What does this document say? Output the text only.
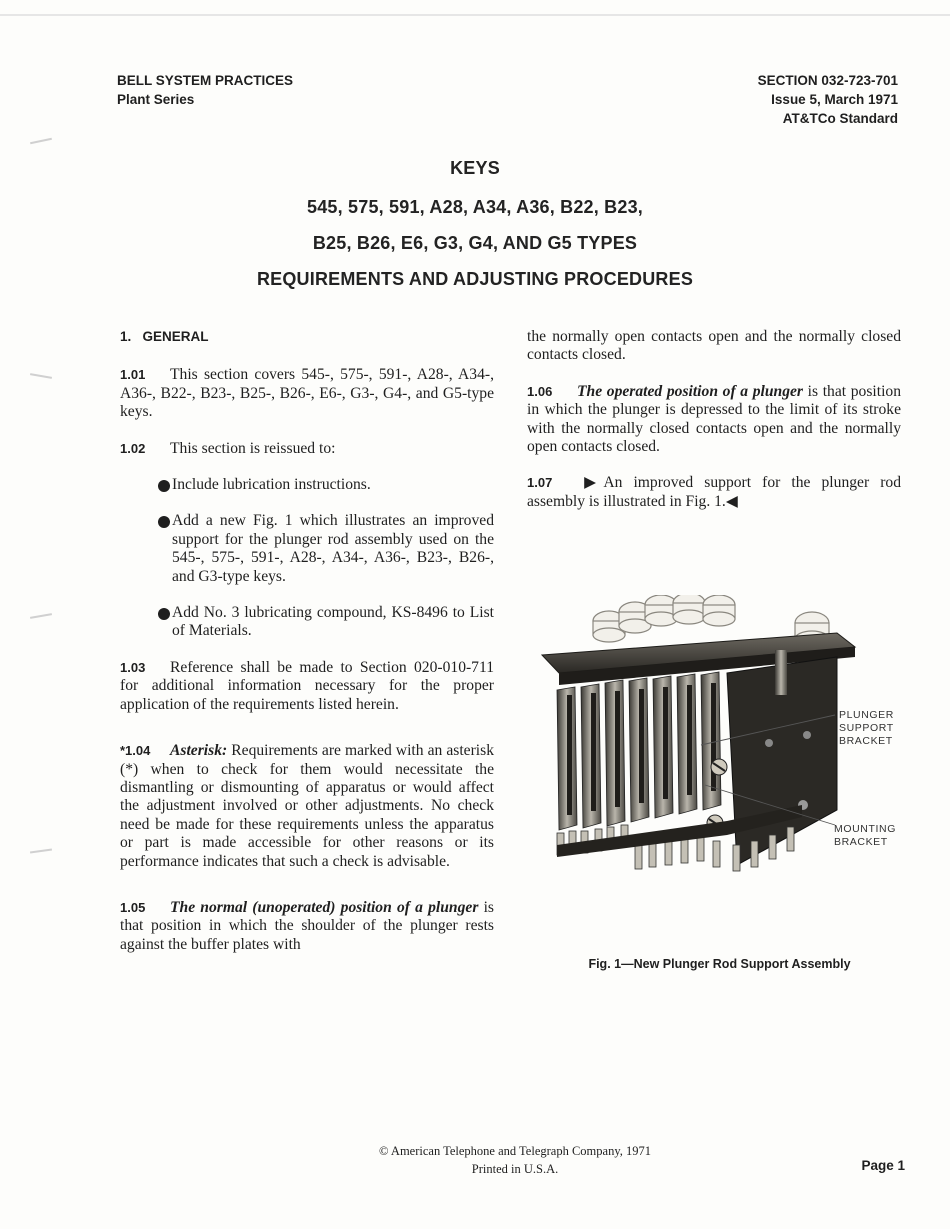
BELL SYSTEM PRACTICES
Plant Series
SECTION 032-723-701
Issue 5, March 1971
AT&TCo Standard
KEYS
545, 575, 591, A28, A34, A36, B22, B23,
B25, B26, E6, G3, G4, AND G5 TYPES
REQUIREMENTS AND ADJUSTING PROCEDURES

1.   GENERAL

1.01 This section covers 545-, 575-, 591-, A28-, A34-, A36-, B22-, B23-, B25-, B26-, E6-, G3-, G4-, and G5-type keys.

1.02 This section is reissued to:

Include lubrication instructions.

Add a new Fig. 1 which illustrates an improved support for the plunger rod assembly used on the 545-, 575-, 591-, A28-, A34-, A36-, B23-, B26-, and G3-type keys.

Add No. 3 lubricating compound, KS-8496 to List of Materials.

1.03 Reference shall be made to Section 020-010-711 for additional information necessary for the proper application of the requirements listed herein.

*1.04 Asterisk: Requirements are marked with an asterisk (*) when to check for them would necessitate the dismantling or dismounting of apparatus or would affect the adjustment involved or other adjustments. No check need be made for these requirements unless the apparatus or part is made accessible for other reasons or its performance indicates that such a check is advisable.

1.05 The normal (unoperated) position of a plunger is that position in which the shoulder of the plunger rests against the buffer plates with

the normally open contacts open and the normally closed contacts closed.

1.06 The operated position of a plunger is that position in which the plunger is depressed to the limit of its stroke with the normally closed contacts open and the normally open contacts closed.

1.07 ▶An improved support for the plunger rod assembly is illustrated in Fig. 1.◀

PLUNGER
SUPPORT
BRACKET
MOUNTING
BRACKET
Fig. 1—New Plunger Rod Support Assembly
© American Telephone and Telegraph Company, 1971
Printed in U.S.A.	Page 1
